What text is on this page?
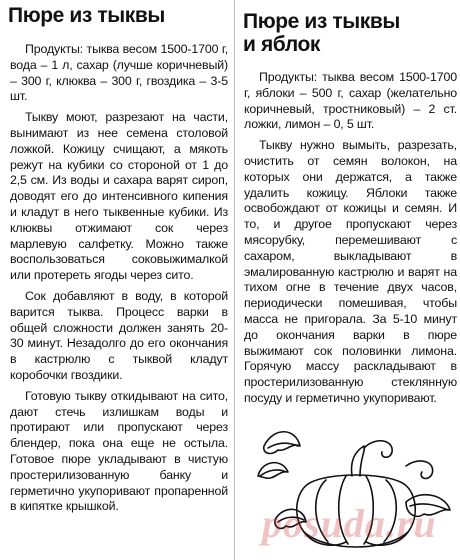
Пюре из тыквы

Продукты: тыква весом 1500-1700 г, вода – 1 л, сахар (лучше коричневый) – 300 г, клюква – 300 г, гвоздика – 3-5 шт.

Тыкву моют, разрезают на части, вынимают из нее семена столовой ложкой. Кожицу счищают, а мякоть режут на кубики со стороной от 1 до 2,5 см. Из воды и сахара варят сироп, доводят его до интенсивного кипения и кладут в него тыквенные кубики. Из клюквы отжимают сок через марлевую салфетку. Можно также воспользоваться соковыжималкой или протереть ягоды через сито.

Сок добавляют в воду, в которой варится тыква. Процесс варки в общей сложности должен занять 20-30 минут. Незадолго до его окончания в кастрюлю с тыквой кладут коробочки гвоздики.

Готовую тыкву откидывают на сито, дают стечь излишкам воды и протирают или пропускают через блендер, пока она еще не остыла. Готовое пюре укладывают в чистую простерилизованную банку и герметично укупоривают пропаренной в кипятке крышкой.

Пюре из тыквы
и яблок

Продукты: тыква весом 1500-1700 г, яблоки – 500 г, сахар (желательно коричневый, тростниковый) – 2 ст. ложки, лимон – 0, 5 шт.

Тыкву нужно вымыть, разрезать, очистить от семян волокон, на которых они держатся, а также удалить кожицу. Яблоки также освобождают от кожицы и семян. И то, и другое пропускают через мясорубку, перемешивают с сахаром, выкладывают в эмалированную кастрюлю и варят на тихом огне в течение двух часов, периодически помешивая, чтобы масса не пригорала. За 5-10 минут до окончания варки в пюре выжимают сок половинки лимона. Горячую массу раскладывают в простерилизованную стеклянную посуду и герметично укупоривают.

posuda.ru
